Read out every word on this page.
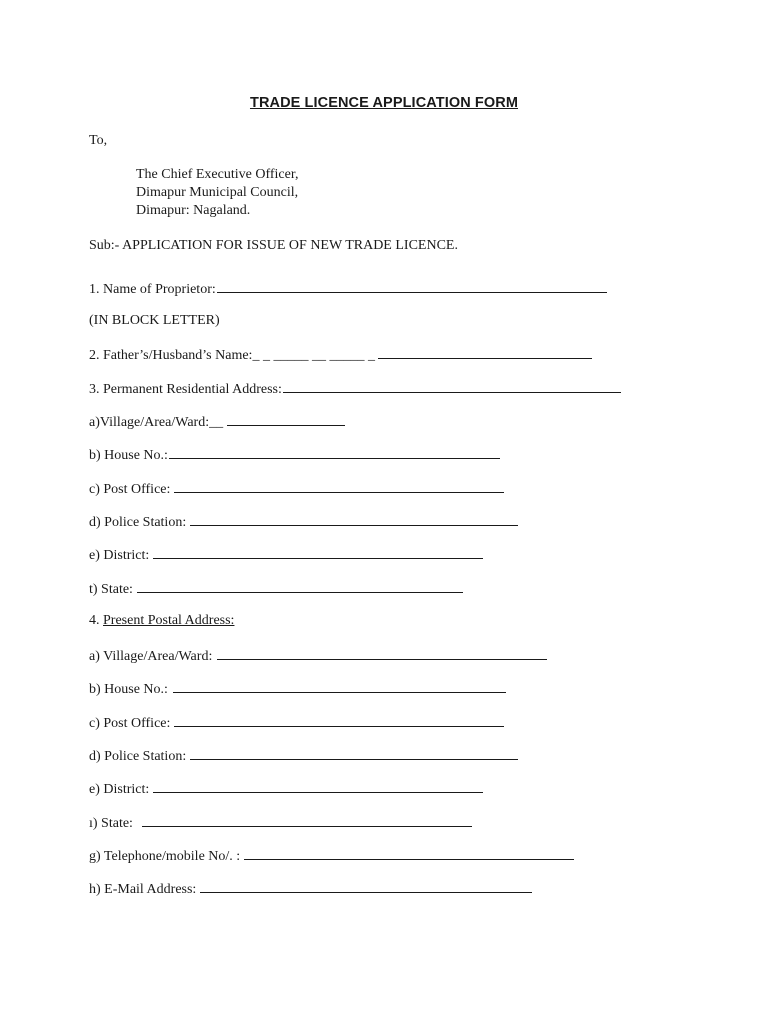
TRADE LICENCE APPLICATION FORM
To,
The Chief Executive Officer,
Dimapur Municipal Council,
Dimapur: Nagaland.
Sub:- APPLICATION FOR ISSUE OF NEW TRADE LICENCE.
1. Name of Proprietor:
(IN BLOCK LETTER)
2. Father’s/Husband’s Name:_ _ _____ __ _____ _
3. Permanent Residential Address:
a)Village/Area/Ward:__
b) House No.:
c) Post Office:
d) Police Station:
e) District:
t) State:
4. Present Postal Address:
a) Village/Area/Ward:
b) House No.:
c) Post Office:
d) Police Station:
e) District:
ı) State:
g) Telephone/mobile No/. :
h) E-Mail Address:
